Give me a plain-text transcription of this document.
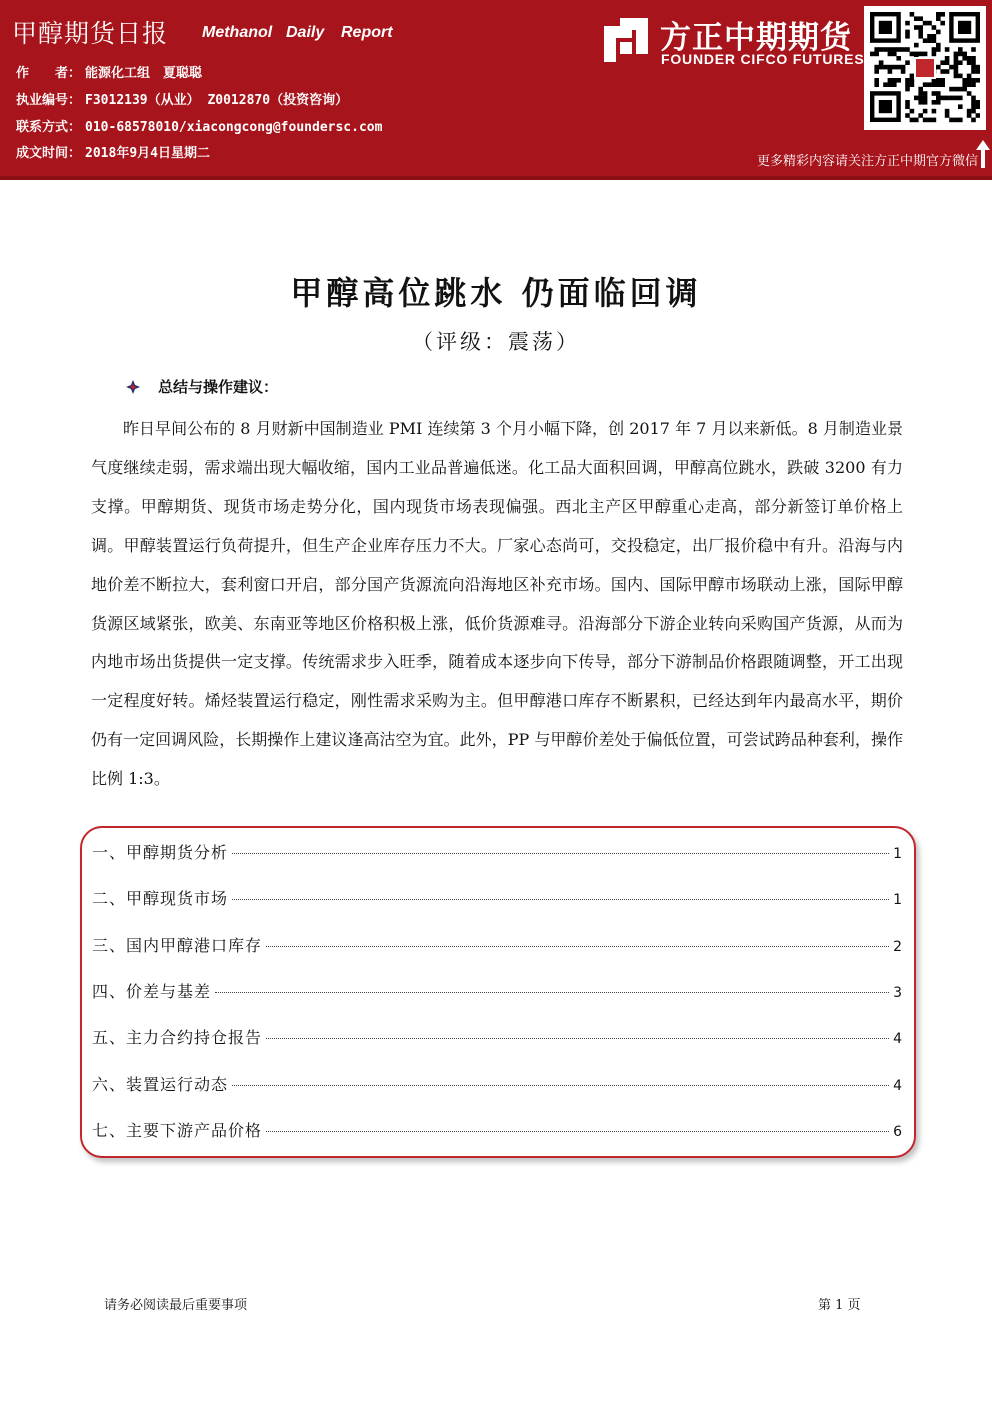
甲醇期货日报 Methanol Daily Report
作　　者： 能源化工组　夏聪聪
执业编号： F3012139（从业） Z0012870（投资咨询）
联系方式： 010-68578010/xiacongcong@foundersc.com
成文时间： 2018年9月4日星期二
方正中期期货
FOUNDER CIFCO FUTURES
更多精彩内容请关注方正中期官方微信
甲醇高位跳水 仍面临回调
（评级：震荡）
总结与操作建议：

昨日早间公布的 8 月财新中国制造业 PMI 连续第 3 个月小幅下降，创 2017 年 7 月以来新低。8 月制造业景气度继续走弱，需求端出现大幅收缩，国内工业品普遍低迷。化工品大面积回调，甲醇高位跳水，跌破 3200 有力支撑。甲醇期货、现货市场走势分化，国内现货市场表现偏强。西北主产区甲醇重心走高，部分新签订单价格上调。甲醇装置运行负荷提升，但生产企业库存压力不大。厂家心态尚可，交投稳定，出厂报价稳中有升。沿海与内地价差不断拉大，套利窗口开启，部分国产货源流向沿海地区补充市场。国内、国际甲醇市场联动上涨，国际甲醇货源区域紧张，欧美、东南亚等地区价格积极上涨，低价货源难寻。沿海部分下游企业转向采购国产货源，从而为内地市场出货提供一定支撑。传统需求步入旺季，随着成本逐步向下传导，部分下游制品价格跟随调整，开工出现一定程度好转。烯烃装置运行稳定，刚性需求采购为主。但甲醇港口库存不断累积，已经达到年内最高水平，期价仍有一定回调风险，长期操作上建议逢高沽空为宜。此外，PP 与甲醇价差处于偏低位置，可尝试跨品种套利，操作比例 1:3。

一、甲醇期货分析	1
二、甲醇现货市场	1
三、国内甲醇港口库存	2
四、价差与基差	3
五、主力合约持仓报告	4
六、装置运行动态	4
七、主要下游产品价格	6
请务必阅读最后重要事项	第 1 页
